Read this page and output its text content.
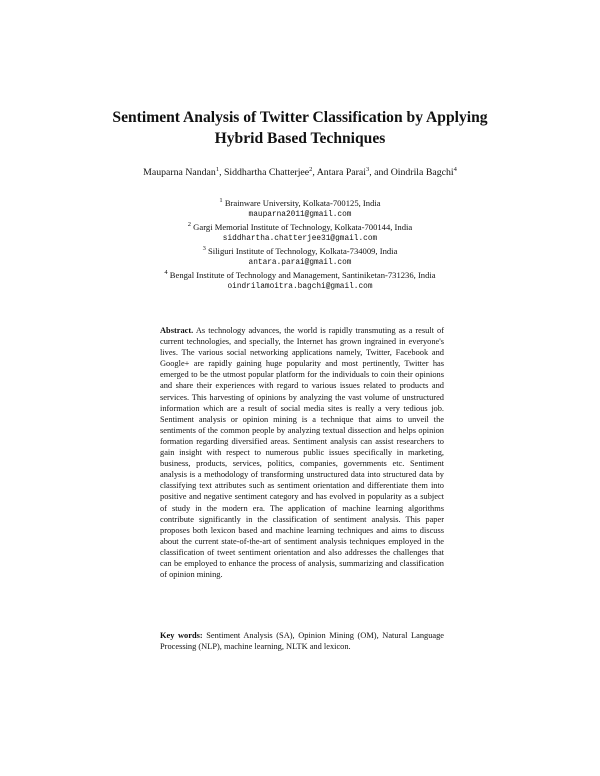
Sentiment Analysis of Twitter Classification by Applying Hybrid Based Techniques
Mauparna Nandan$^1$, Siddhartha Chatterjee$^2$, Antara Parai$^3$, and Oindrila Bagchi$^4$
$^1$ Brainware University, Kolkata-700125, India
mauparna2011@gmail.com
$^2$ Gargi Memorial Institute of Technology, Kolkata-700144, India
siddhartha.chatterjee31@gmail.com
$^3$ Siliguri Institute of Technology, Kolkata-734009, India
antara.parai@gmail.com
$^4$ Bengal Institute of Technology and Management, Santiniketan-731236, India
oindrilamoitra.bagchi@gmail.com
Abstract. As technology advances, the world is rapidly transmuting as a result of current technologies, and specially, the Internet has grown ingrained in everyone's lives. The various social networking applications namely, Twitter, Facebook and Google+ are rapidly gaining huge popularity and most pertinently, Twitter has emerged to be the utmost popular platform for the individuals to coin their opinions and share their experiences with regard to various issues related to products and services. This harvesting of opinions by analyzing the vast volume of unstructured information which are a result of social media sites is really a very tedious job. Sentiment analysis or opinion mining is a technique that aims to unveil the sentiments of the common people by analyzing textual dissection and helps opinion formation regarding diversified areas. Sentiment analysis can assist researchers to gain insight with respect to numerous public issues specifically in marketing, business, products, services, politics, companies, governments etc. Sentiment analysis is a methodology of transforming unstructured data into structured data by classifying text attributes such as sentiment orientation and differentiate them into positive and negative sentiment category and has evolved in popularity as a subject of study in the modern era. The application of machine learning algorithms contribute significantly in the classification of sentiment analysis. This paper proposes both lexicon based and machine learning techniques and aims to discuss about the current state-of-the-art of sentiment analysis techniques employed in the classification of tweet sentiment orientation and also addresses the challenges that can be employed to enhance the process of analysis, summarizing and classification of opinion mining.
Key words: Sentiment Analysis (SA), Opinion Mining (OM), Natural Language Processing (NLP), machine learning, NLTK and lexicon.
